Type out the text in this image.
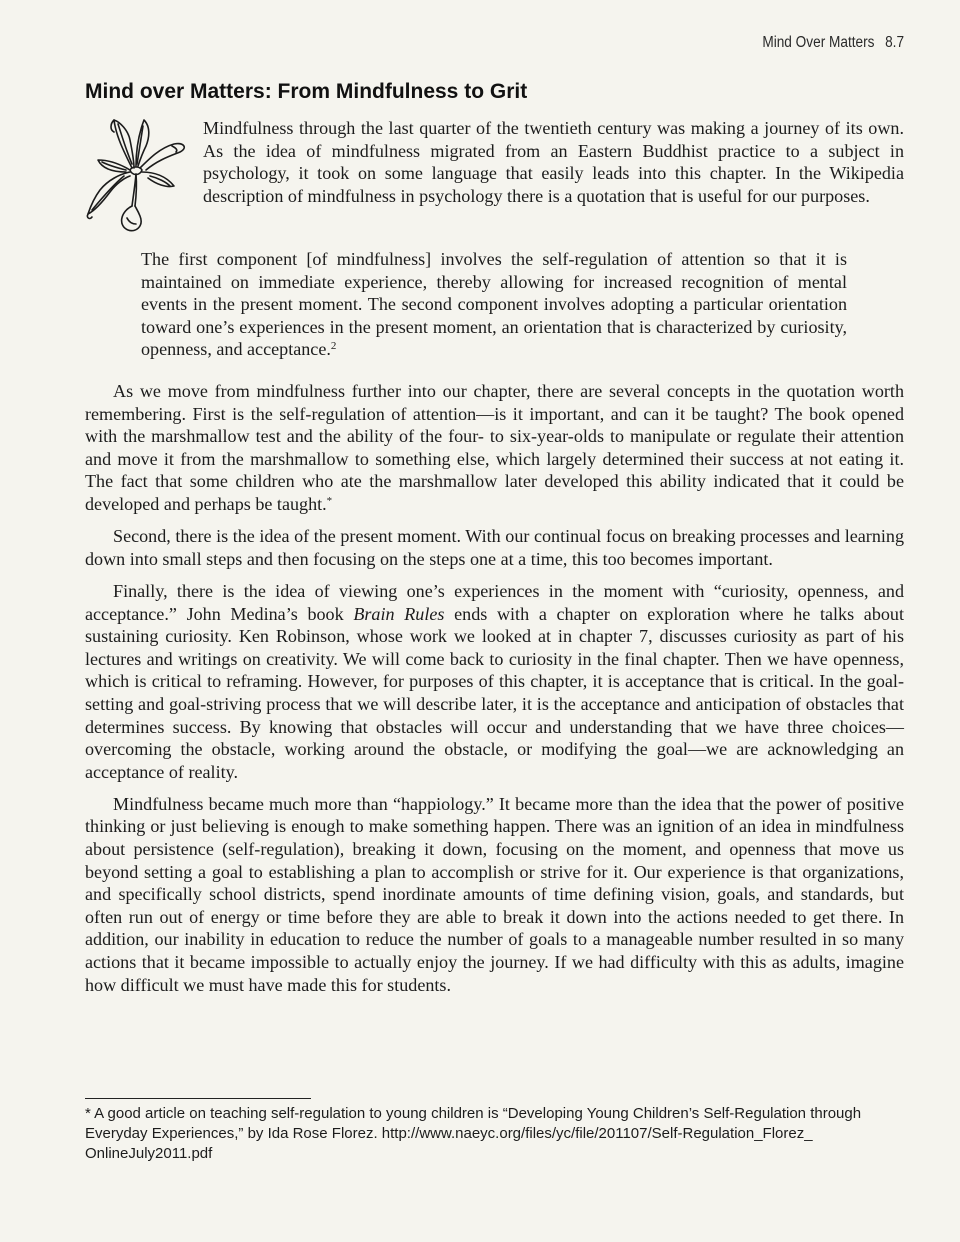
Mind Over Matters 8.7
Mind over Matters: From Mindfulness to Grit

Mindfulness through the last quarter of the twentieth century was making a journey of its own. As the idea of mindfulness migrated from an Eastern Buddhist practice to a subject in psychology, it took on some language that easily leads into this chapter. In the Wikipedia description of mindfulness in psychology there is a quotation that is useful for our purposes.

The first component [of mindfulness] involves the self-regulation of attention so that it is maintained on immediate experience, thereby allowing for increased recognition of mental events in the present moment. The second component involves adopting a particular orientation toward one’s experiences in the present moment, an orientation that is characterized by curiosity, openness, and acceptance.$^2$

As we move from mindfulness further into our chapter, there are several concepts in the quotation worth remembering. First is the self-regulation of attention—is it important, and can it be taught? The book opened with the marshmallow test and the ability of the four- to six-year-olds to manipulate or regulate their attention and move it from the marshmallow to something else, which largely determined their success at not eating it. The fact that some children who ate the marshmallow later developed this ability indicated that it could be developed and perhaps be taught.*

Second, there is the idea of the present moment. With our continual focus on breaking processes and learning down into small steps and then focusing on the steps one at a time, this too becomes important.

Finally, there is the idea of viewing one’s experiences in the moment with “curiosity, openness, and acceptance.” John Medina’s book Brain Rules ends with a chapter on exploration where he talks about sustaining curiosity. Ken Robinson, whose work we looked at in chapter 7, discusses curiosity as part of his lectures and writings on creativity. We will come back to curiosity in the final chapter. Then we have openness, which is critical to reframing. However, for purposes of this chapter, it is acceptance that is critical. In the goal-setting and goal-striving process that we will describe later, it is the acceptance and anticipation of obstacles that determines success. By knowing that obstacles will occur and understanding that we have three choices—overcoming the obstacle, working around the obstacle, or modifying the goal—we are acknowledging an acceptance of reality.

Mindfulness became much more than “happiology.” It became more than the idea that the power of positive thinking or just believing is enough to make something happen. There was an ignition of an idea in mindfulness about persistence (self-regulation), breaking it down, focusing on the moment, and openness that move us beyond setting a goal to establishing a plan to accomplish or strive for it. Our experience is that organizations, and specifically school districts, spend inordinate amounts of time defining vision, goals, and standards, but often run out of energy or time before they are able to break it down into the actions needed to get there. In addition, our inability in education to reduce the number of goals to a manageable number resulted in so many actions that it became impossible to actually enjoy the journey. If we had difficulty with this as adults, imagine how difficult we must have made this for students.

* A good article on teaching self-regulation to young children is “Developing Young Children’s Self-Regulation through Everyday Experiences,” by Ida Rose Florez. http://www.naeyc.org/files/yc/file/201107/Self-Regulation_Florez_
OnlineJuly2011.pdf
